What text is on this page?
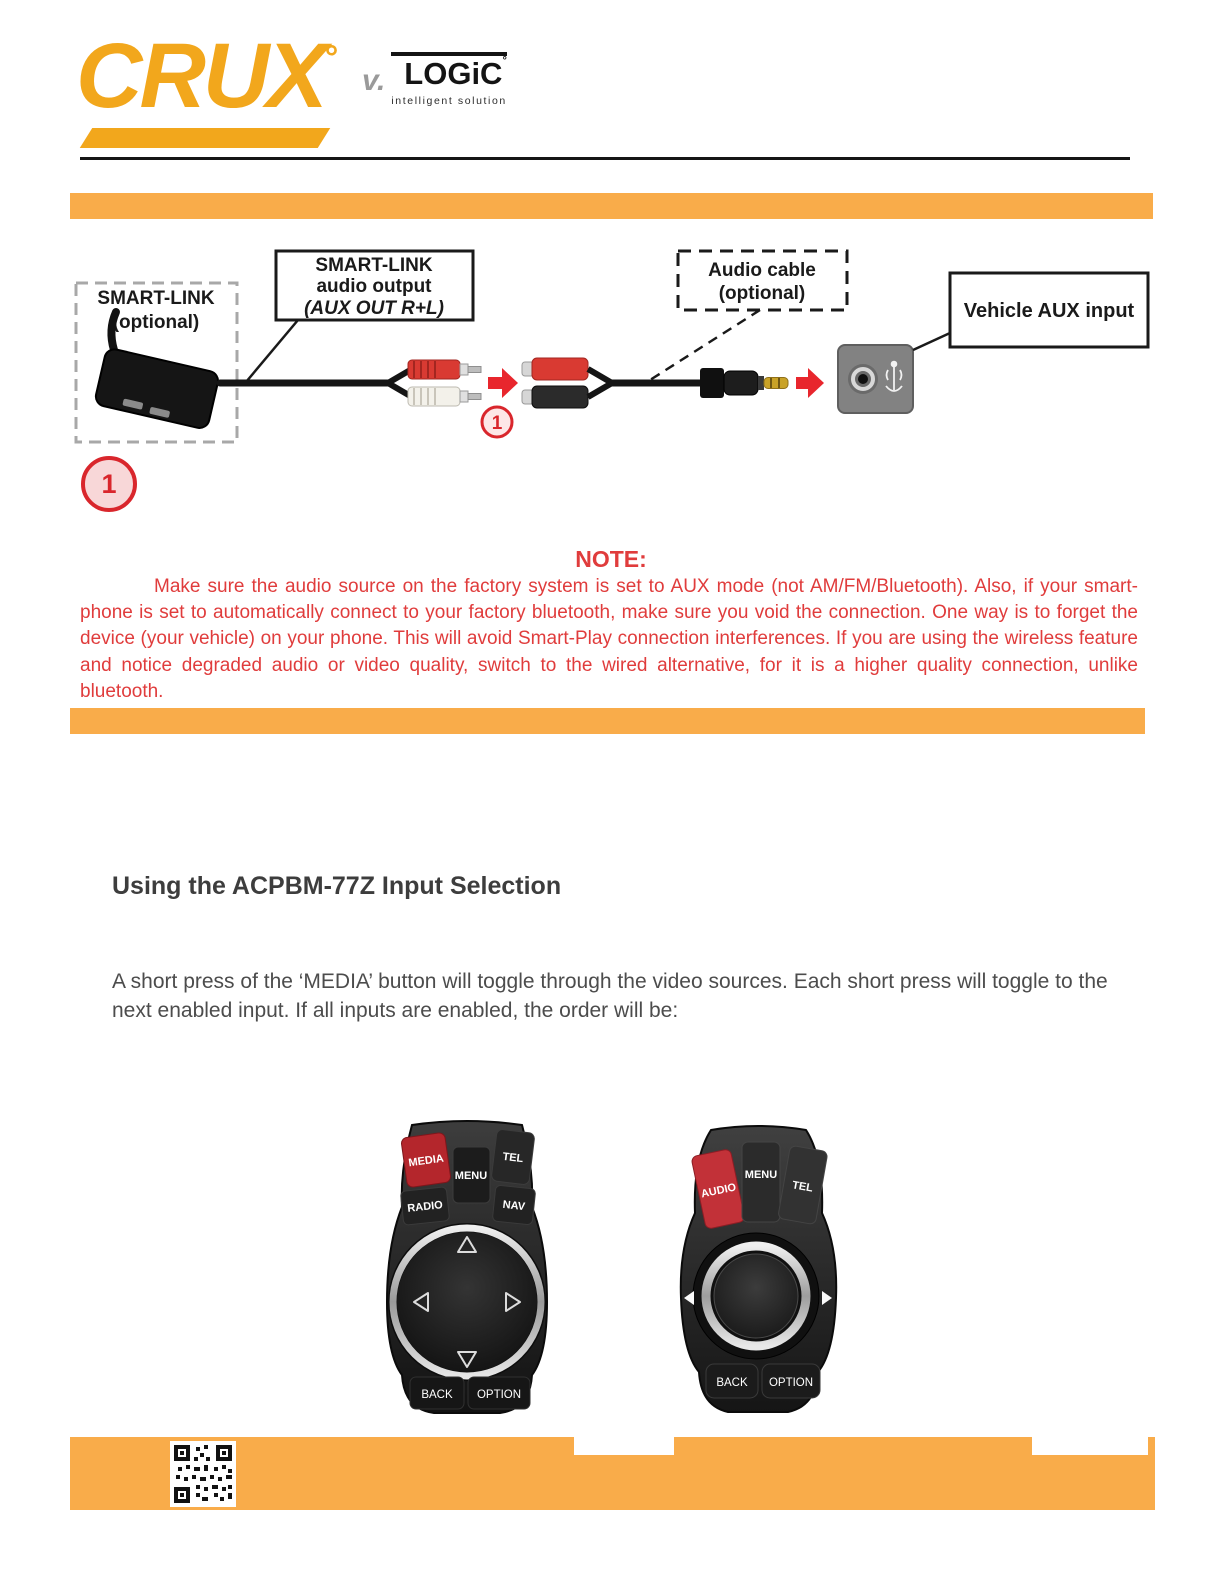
CRUX°
v. LOGiC°
intelligent solution
SMART-LINK
(optional)
SMART-LINK
audio output
(AUX OUT R+L)
Audio cable
(optional)
Vehicle AUX input
1
1
NOTE:
Make sure the audio source on the factory system is set to AUX mode (not AM/FM/Bluetooth). Also, if your smart-phone is set to automatically connect to your factory bluetooth, make sure you void the connection. One way is to forget the device (your vehicle) on your phone. This will avoid Smart-Play connection interferences. If you are using the wireless feature and notice degraded audio or video quality, switch to the wired alternative, for it is a higher quality connection, unlike bluetooth.
Using the ACPBM-77Z Input Selection
A short press of the ‘MEDIA’ button will toggle through the video sources. Each short press will toggle to the next enabled input. If all inputs are enabled, the order will be:
MEDIA
MENU
TEL
RADIO	NAV
BACK OPTION
AUDIO
MENU
TEL
BACK OPTION
